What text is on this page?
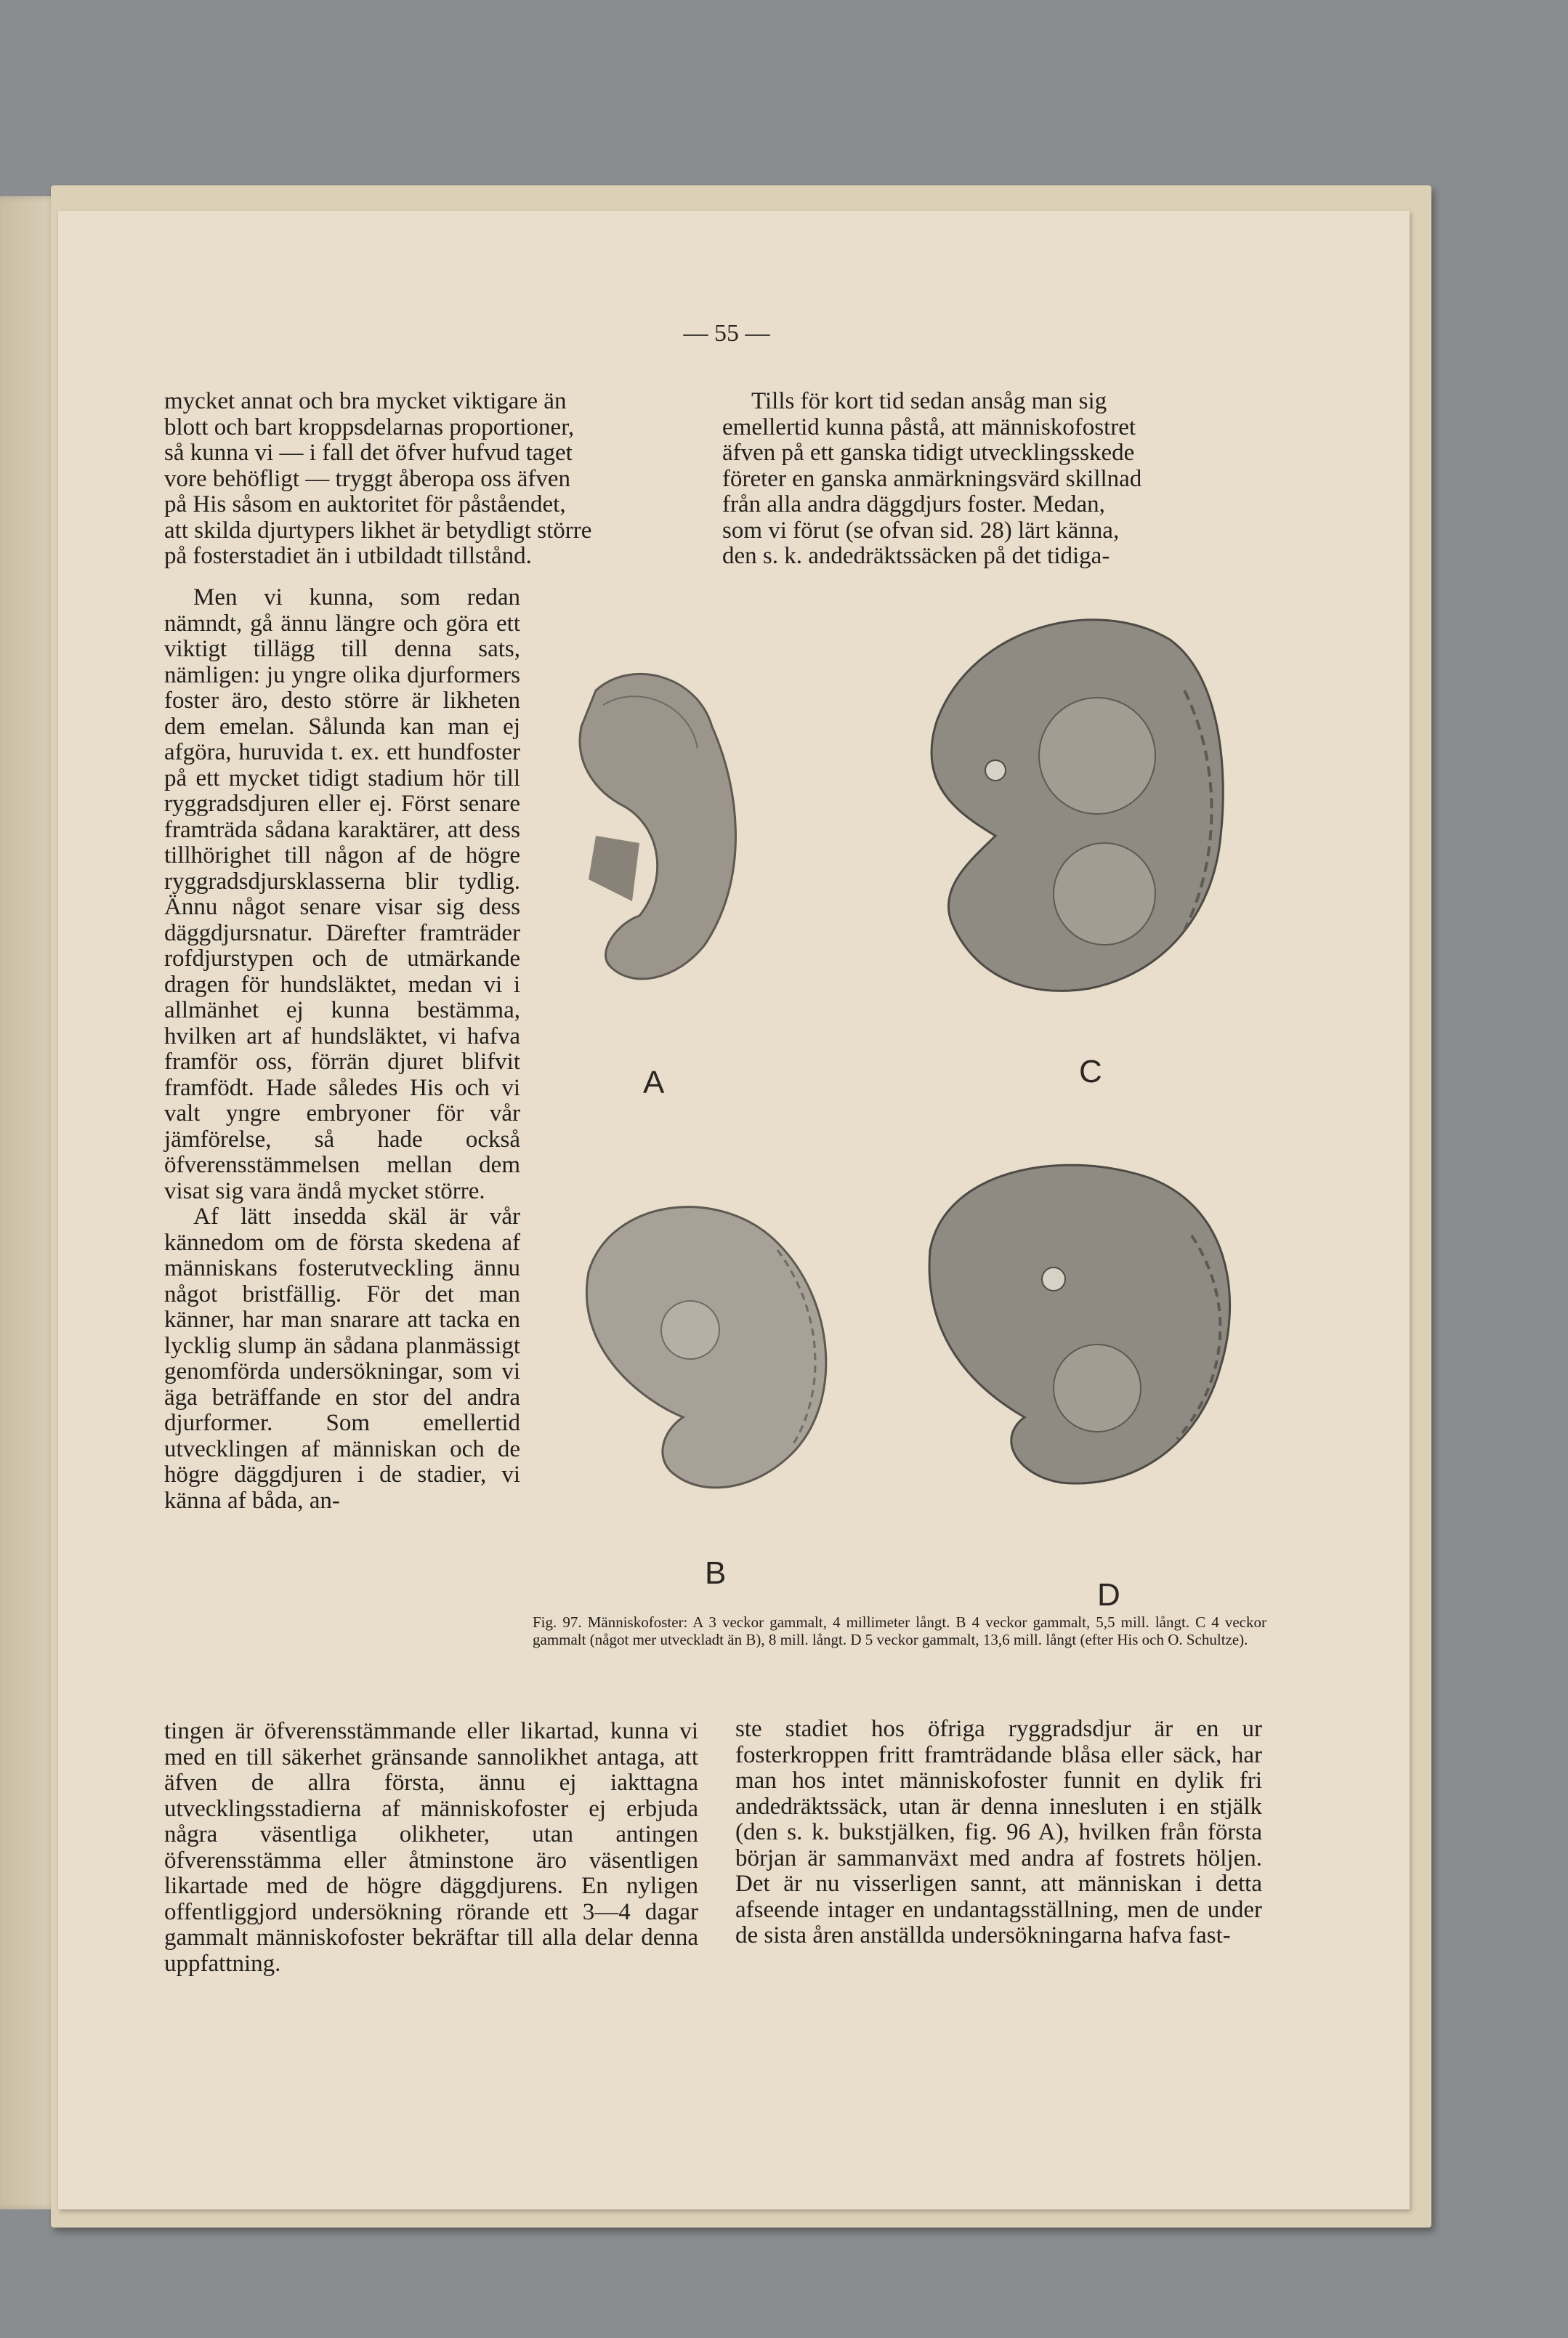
— 55 —

mycket annat och bra mycket viktigare än

blott och bart kroppsdelarnas proportioner,

så kunna vi — i fall det öfver hufvud taget

vore behöfligt — tryggt åberopa oss äfven

på His såsom en auktoritet för påståendet,

att skilda djurtypers likhet är betydligt större

på fosterstadiet än i utbildadt tillstånd.

Tills för kort tid sedan ansåg man sig

emellertid kunna påstå, att människofostret

äfven på ett ganska tidigt utvecklingsskede

företer en ganska anmärkningsvärd skillnad

från alla andra däggdjurs foster. Medan,

som vi förut (se ofvan sid. 28) lärt känna,

den s. k. andedräktssäcken på det tidiga-

Men vi kunna, som redan nämndt, gå ännu längre och göra ett viktigt tillägg till denna sats, nämligen: ju yngre olika djurformers foster äro, desto större är likheten dem emelan. Sålunda kan man ej afgöra, huruvida t. ex. ett hundfoster på ett mycket tidigt stadium hör till ryggradsdjuren eller ej. Först senare framträda sådana karaktärer, att dess tillhörighet till någon af de högre ryggradsdjursklasserna blir tydlig. Ännu något senare visar sig dess däggdjursnatur. Därefter framträder rofdjurstypen och de utmärkande dragen för hundsläktet, medan vi i allmänhet ej kunna bestämma, hvilken art af hundsläktet, vi hafva framför oss, förrän djuret blifvit framfödt. Hade således His och vi valt yngre embryoner för vår jämförelse, så hade också öfverensstämmelsen mellan dem visat sig vara ändå mycket större.

Af lätt insedda skäl är vår kännedom om de första skedena af människans fosterutveckling ännu något bristfällig. För det man känner, har man snarare att tacka en lycklig slump än sådana planmässigt genomförda undersökningar, som vi äga beträffande en stor del andra djurformer. Som emellertid utvecklingen af människan och de högre däggdjuren i de stadier, vi känna af båda, an-

A	C
B
D
Fig. 97. Människofoster: A 3 veckor gammalt, 4 millimeter långt. B 4 veckor gammalt, 5,5 mill. långt. C 4 veckor gammalt (något mer utveckladt än B), 8 mill. långt. D 5 veckor gammalt, 13,6 mill. långt (efter His och O. Schultze).

tingen är öfverensstämmande eller likartad, kunna vi med en till säkerhet gränsande sannolikhet antaga, att äfven de allra första, ännu ej iakttagna utvecklingsstadierna af människofoster ej erbjuda några väsentliga olikheter, utan antingen öfverensstämma eller åtminstone äro väsentligen likartade med de högre däggdjurens. En nyligen offentliggjord undersökning rörande ett 3—4 dagar gammalt människofoster bekräftar till alla delar denna uppfattning.

ste stadiet hos öfriga ryggradsdjur är en ur fosterkroppen fritt framträdande blåsa eller säck, har man hos intet människofoster funnit en dylik fri andedräktssäck, utan är denna innesluten i en stjälk (den s. k. bukstjälken, fig. 96 A), hvilken från första början är sammanväxt med andra af fostrets höljen. Det är nu visserligen sannt, att människan i detta afseende intager en undantagsställning, men de under de sista åren anställda undersökningarna hafva fast-
